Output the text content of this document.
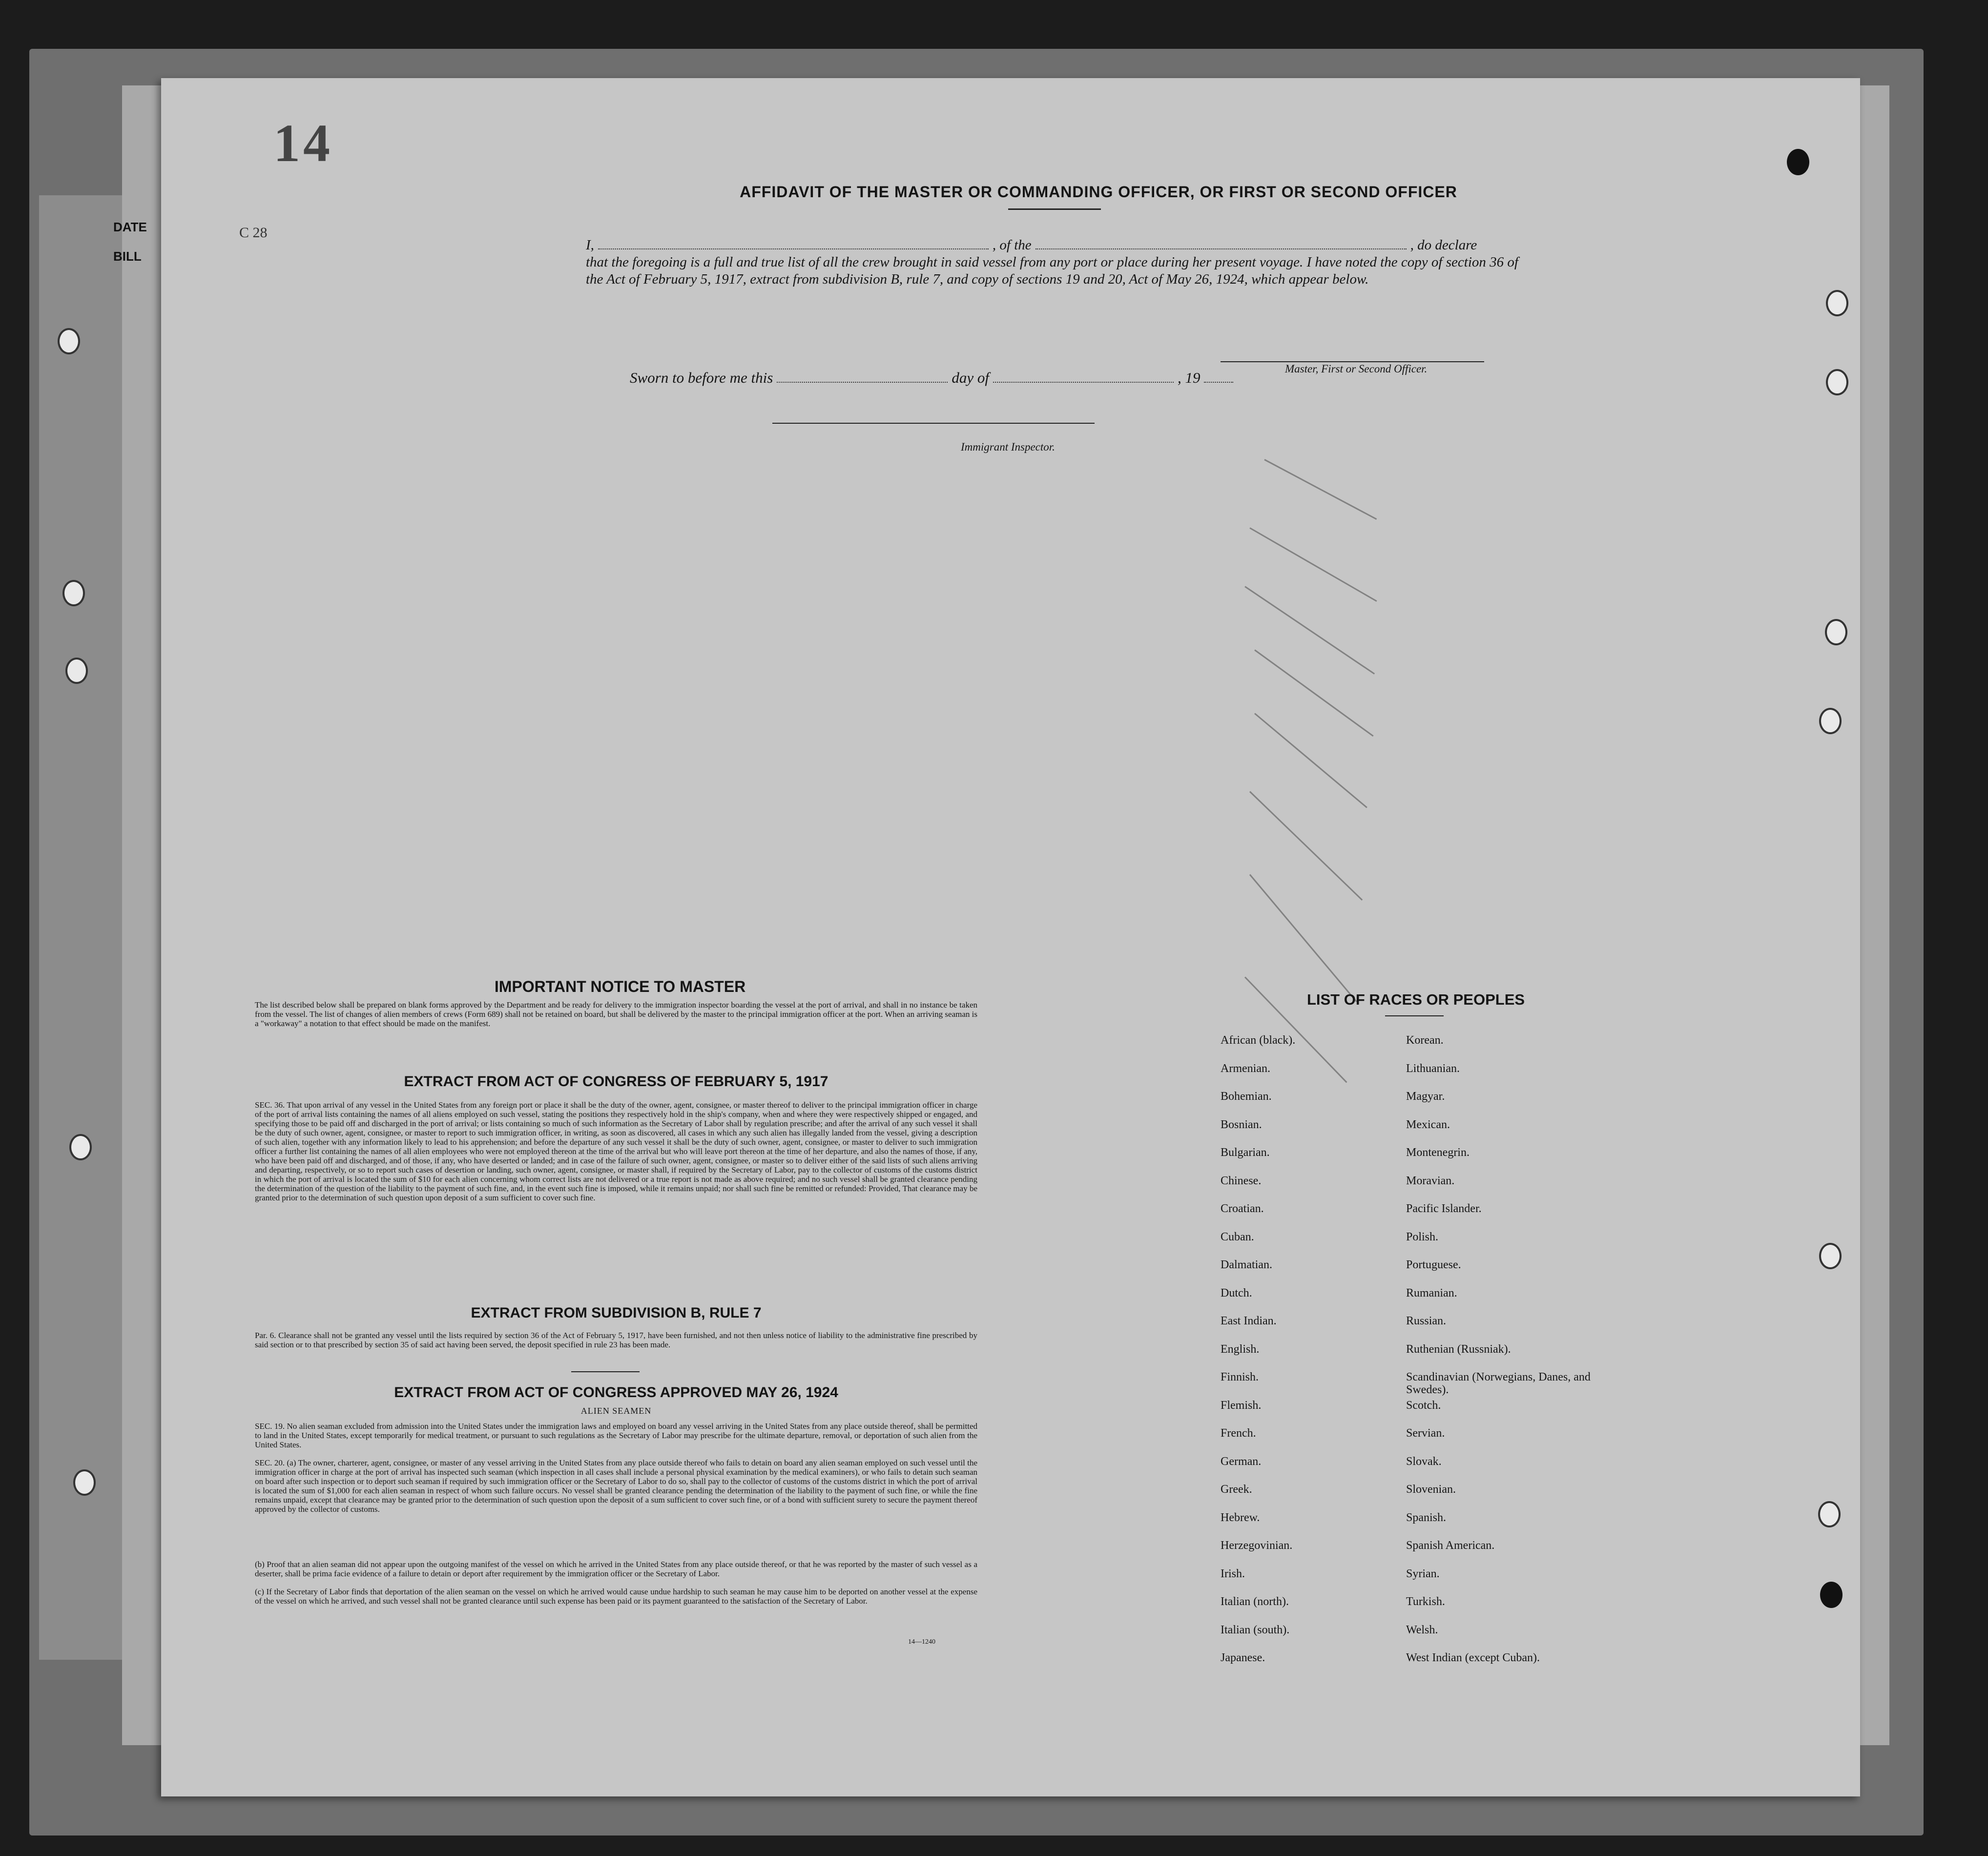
DATE
BILL
14
C 28
AFFIDAVIT OF THE MASTER OR COMMANDING OFFICER, OR FIRST OR SECOND OFFICER
I,	, of the	, do declare
that the foregoing is a full and true list of all the crew brought in said vessel from any port or place during her present voyage. I have noted the copy of section 36 of the Act of February 5, 1917, extract from subdivision B, rule 7, and copy of sections 19 and 20, Act of May 26, 1924, which appear below.
Master, First or Second Officer.
Sworn to before me this	day of	, 19
Immigrant Inspector.
IMPORTANT NOTICE TO MASTER
The list described below shall be prepared on blank forms approved by the Department and be ready for delivery to the immigration inspector boarding the vessel at the port of arrival, and shall in no instance be taken from the vessel. The list of changes of alien members of crews (Form 689) shall not be retained on board, but shall be delivered by the master to the principal immigration officer at the port. When an arriving seaman is a "workaway" a notation to that effect should be made on the manifest.
EXTRACT FROM ACT OF CONGRESS OF FEBRUARY 5, 1917
SEC. 36. That upon arrival of any vessel in the United States from any foreign port or place it shall be the duty of the owner, agent, consignee, or master thereof to deliver to the principal immigration officer in charge of the port of arrival lists containing the names of all aliens employed on such vessel, stating the positions they respectively hold in the ship's company, when and where they were respectively shipped or engaged, and specifying those to be paid off and discharged in the port of arrival; or lists containing so much of such information as the Secretary of Labor shall by regulation prescribe; and after the arrival of any such vessel it shall be the duty of such owner, agent, consignee, or master to report to such immigration officer, in writing, as soon as discovered, all cases in which any such alien has illegally landed from the vessel, giving a description of such alien, together with any information likely to lead to his apprehension; and before the departure of any such vessel it shall be the duty of such owner, agent, consignee, or master to deliver to such immigration officer a further list containing the names of all alien employees who were not employed thereon at the time of the arrival but who will leave port thereon at the time of her departure, and also the names of those, if any, who have been paid off and discharged, and of those, if any, who have deserted or landed; and in case of the failure of such owner, agent, consignee, or master so to deliver either of the said lists of such aliens arriving and departing, respectively, or so to report such cases of desertion or landing, such owner, agent, consignee, or master shall, if required by the Secretary of Labor, pay to the collector of customs of the customs district in which the port of arrival is located the sum of $10 for each alien concerning whom correct lists are not delivered or a true report is not made as above required; and no such vessel shall be granted clearance pending the determination of the question of the liability to the payment of such fine, and, in the event such fine is imposed, while it remains unpaid; nor shall such fine be remitted or refunded: Provided, That clearance may be granted prior to the determination of such question upon deposit of a sum sufficient to cover such fine.
EXTRACT FROM SUBDIVISION B, RULE 7
Par. 6. Clearance shall not be granted any vessel until the lists required by section 36 of the Act of February 5, 1917, have been furnished, and not then unless notice of liability to the administrative fine prescribed by said section or to that prescribed by section 35 of said act having been served, the deposit specified in rule 23 has been made.
EXTRACT FROM ACT OF CONGRESS APPROVED MAY 26, 1924
ALIEN SEAMEN
SEC. 19. No alien seaman excluded from admission into the United States under the immigration laws and employed on board any vessel arriving in the United States from any place outside thereof, shall be permitted to land in the United States, except temporarily for medical treatment, or pursuant to such regulations as the Secretary of Labor may prescribe for the ultimate departure, removal, or deportation of such alien from the United States.
SEC. 20. (a) The owner, charterer, agent, consignee, or master of any vessel arriving in the United States from any place outside thereof who fails to detain on board any alien seaman employed on such vessel until the immigration officer in charge at the port of arrival has inspected such seaman (which inspection in all cases shall include a personal physical examination by the medical examiners), or who fails to detain such seaman on board after such inspection or to deport such seaman if required by such immigration officer or the Secretary of Labor to do so, shall pay to the collector of customs of the customs district in which the port of arrival is located the sum of $1,000 for each alien seaman in respect of whom such failure occurs. No vessel shall be granted clearance pending the determination of the liability to the payment of such fine, or while the fine remains unpaid, except that clearance may be granted prior to the determination of such question upon the deposit of a sum sufficient to cover such fine, or of a bond with sufficient surety to secure the payment thereof approved by the collector of customs.
(b) Proof that an alien seaman did not appear upon the outgoing manifest of the vessel on which he arrived in the United States from any place outside thereof, or that he was reported by the master of such vessel as a deserter, shall be prima facie evidence of a failure to detain or deport after requirement by the immigration officer or the Secretary of Labor.
(c) If the Secretary of Labor finds that deportation of the alien seaman on the vessel on which he arrived would cause undue hardship to such seaman he may cause him to be deported on another vessel at the expense of the vessel on which he arrived, and such vessel shall not be granted clearance until such expense has been paid or its payment guaranteed to the satisfaction of the Secretary of Labor.
14—1240
LIST OF RACES OR PEOPLES
African (black).
Armenian.
Bohemian.
Bosnian.
Bulgarian.
Chinese.
Croatian.
Cuban.
Dalmatian.
Dutch.
East Indian.
English.
Finnish.
Flemish.
French.
German.
Greek.
Hebrew.
Herzegovinian.
Irish.
Italian (north).
Italian (south).
Japanese.
Korean.
Lithuanian.
Magyar.
Mexican.
Montenegrin.
Moravian.
Pacific Islander.
Polish.
Portuguese.
Rumanian.
Russian.
Ruthenian (Russniak).
Scandinavian (Norwegians, Danes, and Swedes).
Scotch.
Servian.
Slovak.
Slovenian.
Spanish.
Spanish American.
Syrian.
Turkish.
Welsh.
West Indian (except Cuban).
